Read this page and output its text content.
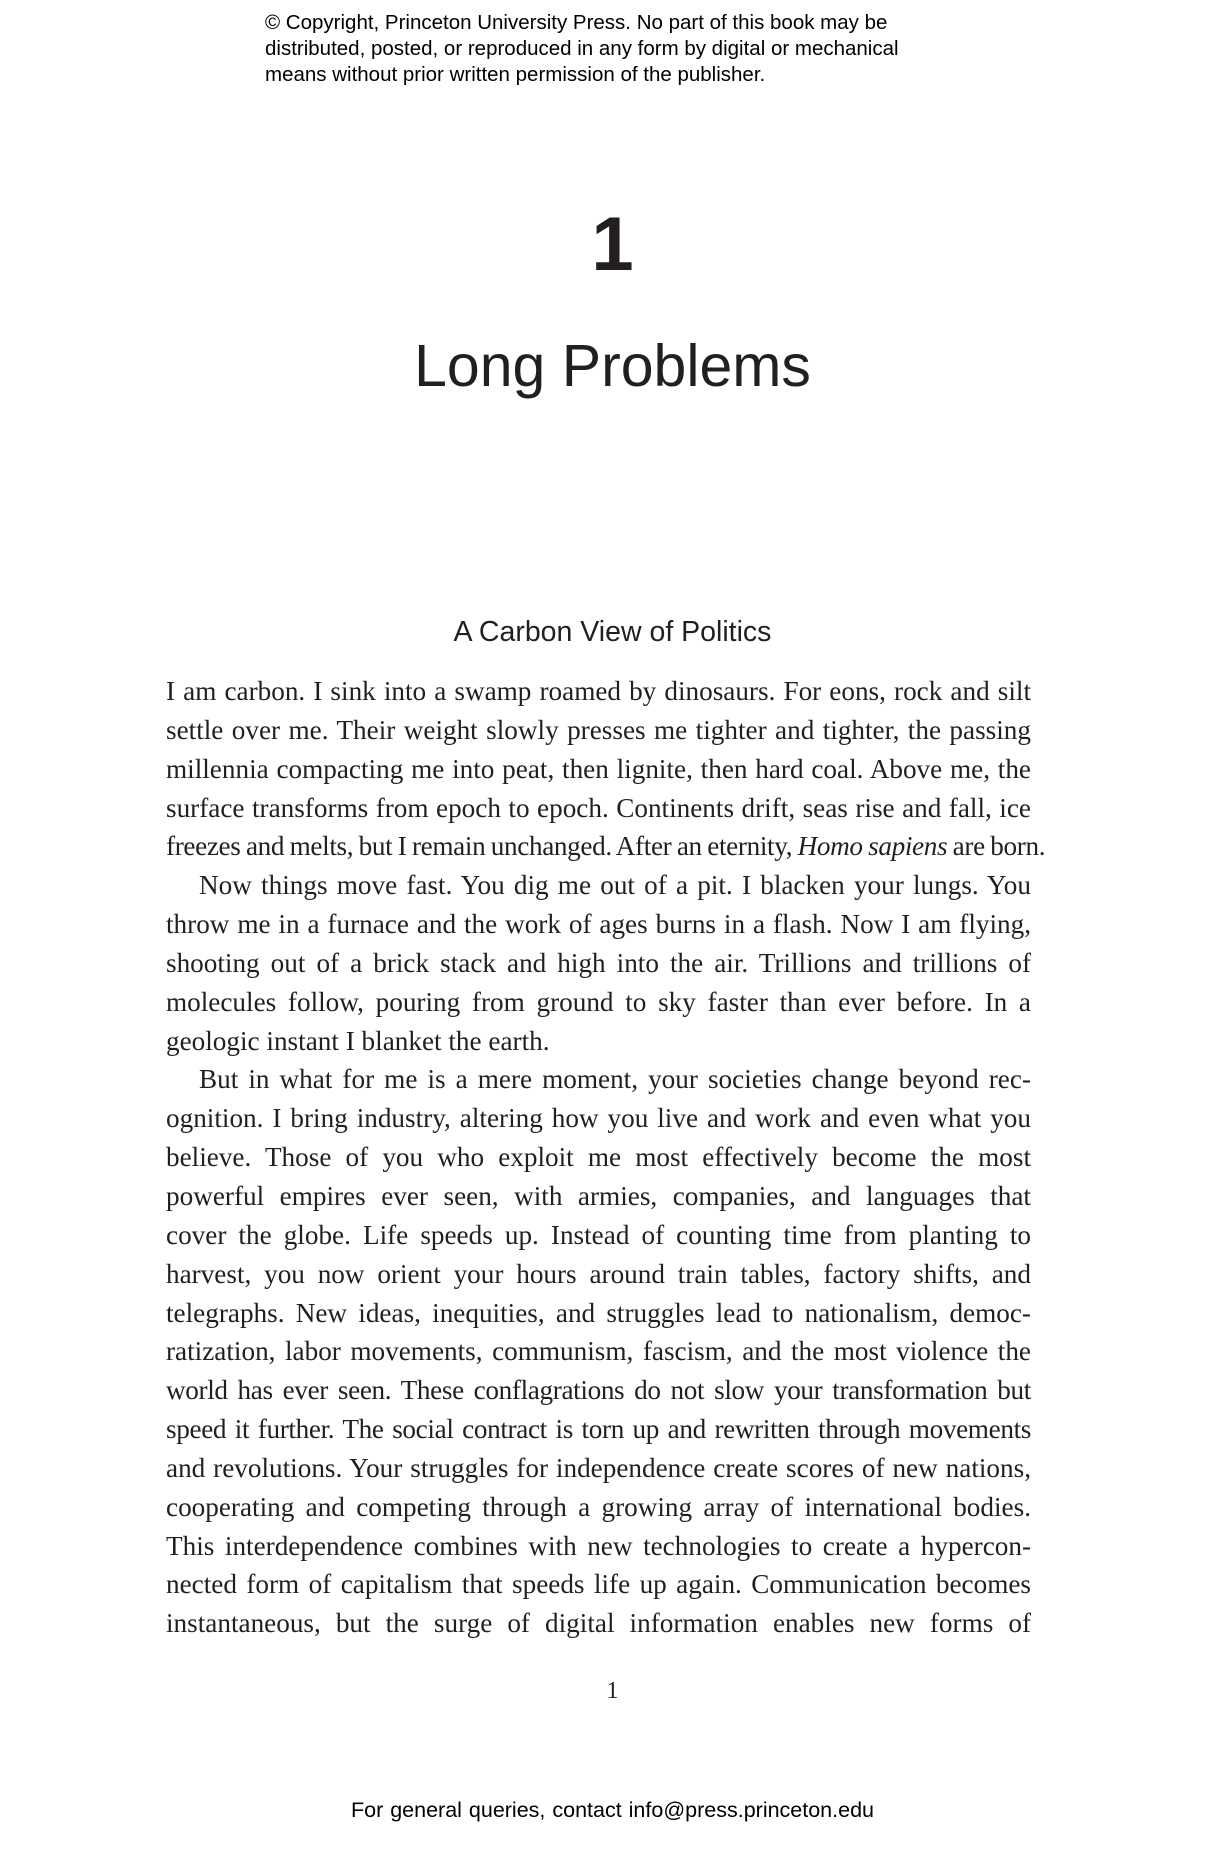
© Copyright, Princeton University Press. No part of this book may be
distributed, posted, or reproduced in any form by digital or mechanical
means without prior written permission of the publisher.
1
Long Problems
A Carbon View of Politics
I am carbon. I sink into a swamp roamed by dinosaurs. For eons, rock and silt
settle over me. Their weight slowly presses me tighter and tighter, the passing
millennia compacting me into peat, then lignite, then hard coal. Above me, the
surface transforms from epoch to epoch. Continents drift, seas rise and fall, ice
freezes and melts, but I remain unchanged. After an eternity, Homo sapiens are born.
Now things move fast. You dig me out of a pit. I blacken your lungs. You
throw me in a furnace and the work of ages burns in a flash. Now I am flying,
shooting out of a brick stack and high into the air. Trillions and trillions of
molecules follow, pouring from ground to sky faster than ever before. In a
geologic instant I blanket the earth.
But in what for me is a mere moment, your societies change beyond rec-
ognition. I bring industry, altering how you live and work and even what you
believe. Those of you who exploit me most effectively become the most
powerful empires ever seen, with armies, companies, and languages that
cover the globe. Life speeds up. Instead of counting time from planting to
harvest, you now orient your hours around train tables, factory shifts, and
telegraphs. New ideas, inequities, and struggles lead to nationalism, democ-
ratization, labor movements, communism, fascism, and the most violence the
world has ever seen. These conflagrations do not slow your transformation but
speed it further. The social contract is torn up and rewritten through movements
and revolutions. Your struggles for independence create scores of new nations,
cooperating and competing through a growing array of international bodies.
This interdependence combines with new technologies to create a hypercon-
nected form of capitalism that speeds life up again. Communication becomes
instantaneous, but the surge of digital information enables new forms of
1
For general queries, contact info@press.princeton.edu
